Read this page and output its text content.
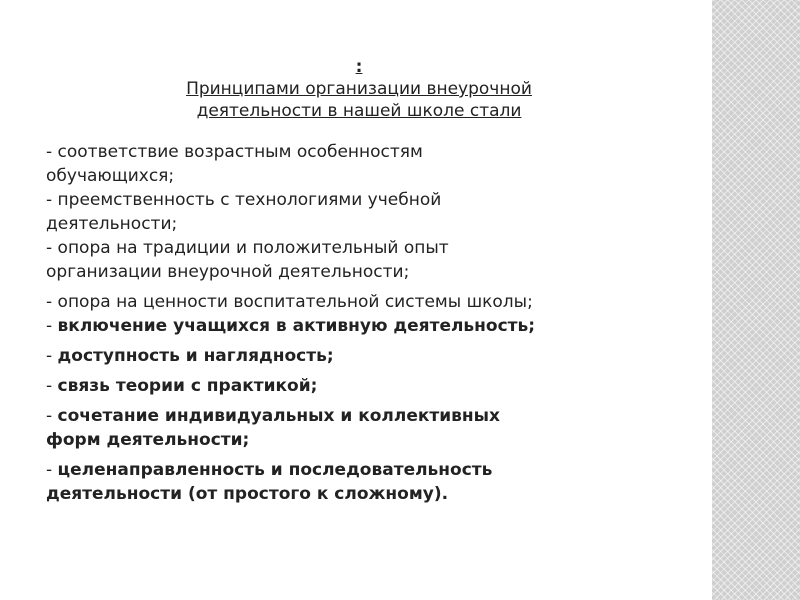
:
Принципами организации внеурочной
деятельности в нашей школе стали
- соответствие возрастным особенностям
обучающихся;
- преемственность с технологиями учебной
деятельности;
- опора на традиции и положительный опыт
организации внеурочной деятельности;
- опора на ценности воспитательной системы школы;
- включение учащихся в активную деятельность;
- доступность и наглядность;
- связь теории с практикой;
- сочетание индивидуальных и коллективных
форм деятельности;
- целенаправленность и последовательность
деятельности (от простого к сложному).
